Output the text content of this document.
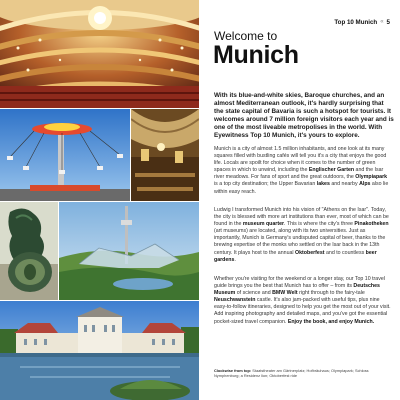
Top 10 Munich « 5
Welcome to
Munich
With its blue-and-white skies, Baroque churches, and an almost Mediterranean outlook, it's hardly surprising that the state capital of Bavaria is such a hotspot for tourists. It welcomes around 7 million foreign visitors each year and is one of the most liveable metropolises in the world. With Eyewitness Top 10 Munich, it's yours to explore.
Munich is a city of almost 1.5 million inhabitants, and one look at its many squares filled with bustling cafés will tell you it's a city that enjoys the good life. Locals are spoilt for choice when it comes to the number of green spaces in which to unwind, including the Englischer Garten and the Isar river meadows. For fans of sport and the great outdoors, the Olympiapark is a top city destination; the Upper Bavarian lakes and nearby Alps also lie within easy reach.
Ludwig I transformed Munich into his vision of "Athens on the Isar". Today, the city is blessed with more art institutions than ever, most of which can be found in the museum quarter. This is where the city's three Pinakotheken (art museums) are located, along with its two universities. Just as importantly, Munich is Germany's undisputed capital of beer, thanks to the brewing expertise of the monks who settled on the Isar back in the 13th century. It plays host to the annual Oktoberfest and to countless beer gardens.
Whether you're visiting for the weekend or a longer stay, our Top 10 travel guide brings you the best that Munich has to offer – from its Deutsches Museum of science and BMW Welt right through to the fairy-tale Neuschwanstein castle. It's also jam-packed with useful tips, plus nine easy-to-follow itineraries, designed to help you get the most out of your visit. Add inspiring photography and detailed maps, and you've got the essential pocket-sized travel companion. Enjoy the book, and enjoy Munich.
Clockwise from top: Staatstheater am Gärtnerplatz; Hofbräuhaus; Olympiapark; Schloss Nymphenburg; a Residenz lion; Oktoberfest ride
